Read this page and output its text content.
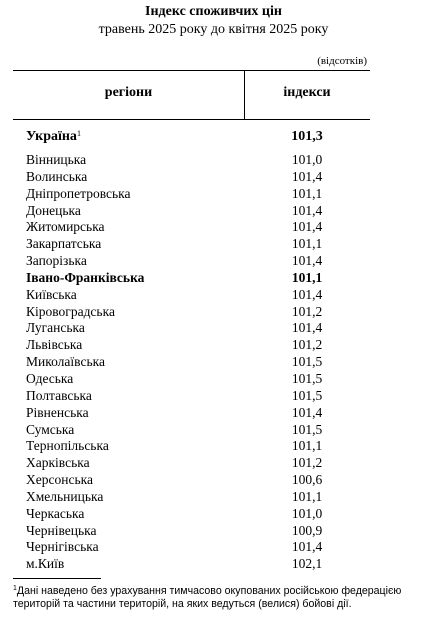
Індекс споживчих цін
травень 2025 року до квітня 2025 року
(відсотків)
регіони	індекси
Україна$^1$	101,3
Вінницька	101,0
Волинська	101,4
Дніпропетровська	101,1
Донецька	101,4
Житомирська	101,4
Закарпатська	101,1
Запорізька	101,4
Івано-Франківська	101,1
Київська	101,4
Кіровоградська	101,2
Луганська	101,4
Львівська	101,2
Миколаївська	101,5
Одеська	101,5
Полтавська	101,5
Рівненська	101,4
Сумська	101,5
Тернопільська	101,1
Харківська	101,2
Херсонська	100,6
Хмельницька	101,1
Черкаська	101,0
Чернівецька	100,9
Чернігівська	101,4
м.Київ	102,1
$^1$Дані наведено без урахування тимчасово окупованих російською федерацією
територій та частини територій, на яких ведуться (велися) бойові дії.
